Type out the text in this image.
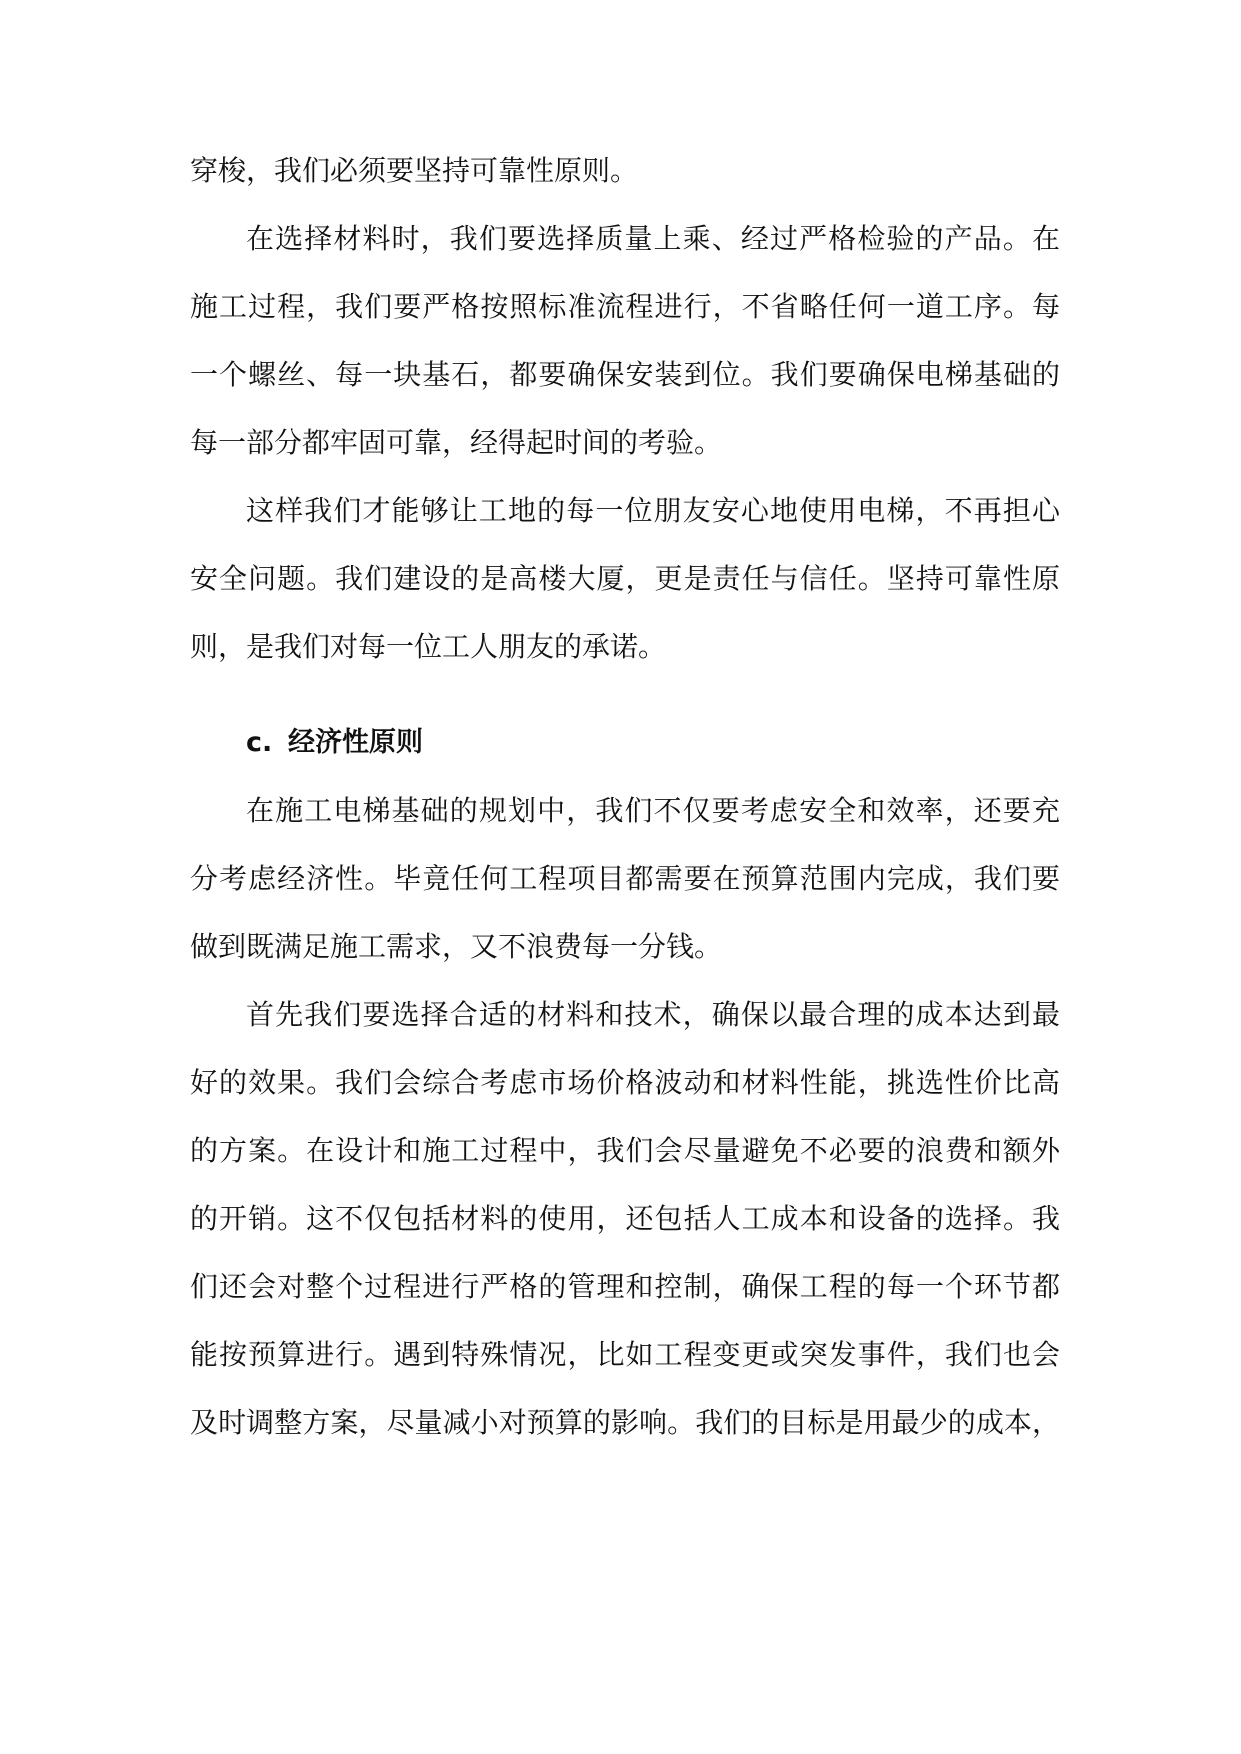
穿梭，我们必须要坚持可靠性原则。

在选择材料时，我们要选择质量上乘、经过严格检验的产品。在
施工过程，我们要严格按照标准流程进行，不省略任何一道工序。每
一个螺丝、每一块基石，都要确保安装到位。我们要确保电梯基础的
每一部分都牢固可靠，经得起时间的考验。

这样我们才能够让工地的每一位朋友安心地使用电梯，不再担心
安全问题。我们建设的是高楼大厦，更是责任与信任。坚持可靠性原
则，是我们对每一位工人朋友的承诺。

c. 经济性原则

在施工电梯基础的规划中，我们不仅要考虑安全和效率，还要充
分考虑经济性。毕竟任何工程项目都需要在预算范围内完成，我们要
做到既满足施工需求，又不浪费每一分钱。

首先我们要选择合适的材料和技术，确保以最合理的成本达到最
好的效果。我们会综合考虑市场价格波动和材料性能，挑选性价比高
的方案。在设计和施工过程中，我们会尽量避免不必要的浪费和额外
的开销。这不仅包括材料的使用，还包括人工成本和设备的选择。我
们还会对整个过程进行严格的管理和控制，确保工程的每一个环节都
能按预算进行。遇到特殊情况，比如工程变更或突发事件，我们也会
及时调整方案，尽量减小对预算的影响。我们的目标是用最少的成本，
